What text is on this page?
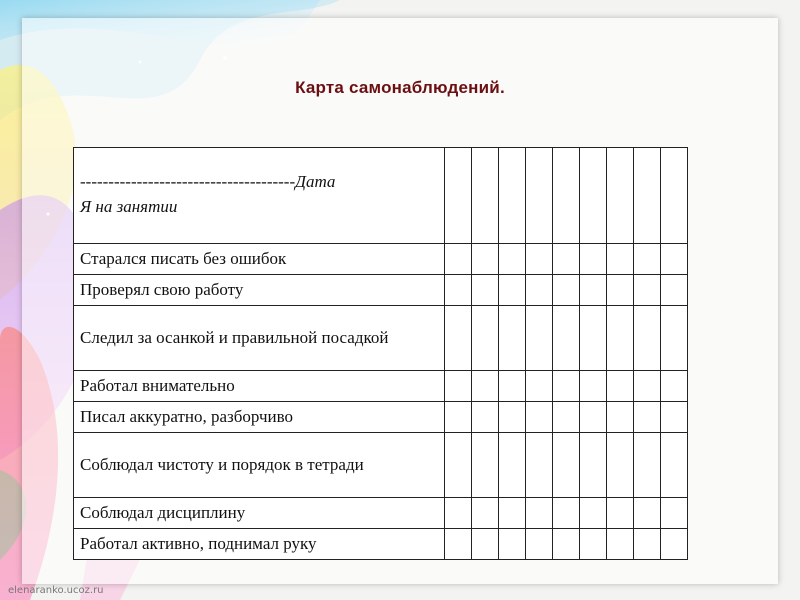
Карта самонаблюдений.
--------------------------------------Дата
Я на занятии									

Старался писать без ошибок									
Проверял свою работу									
Следил за осанкой и правильной посадкой									
Работал внимательно									
Писал аккуратно, разборчиво									
Соблюдал чистоту и порядок в тетради									
Соблюдал дисциплину									
Работал активно, поднимал руку									
elenaranko.ucoz.ru
